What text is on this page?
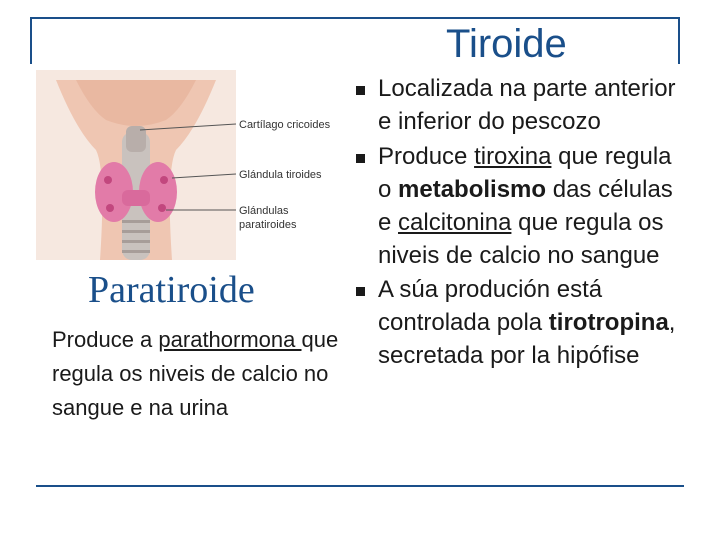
Tiroide
Cartílago cricoides
Glándula tiroides
Glándulas
paratiroides
Paratiroide
Produce a parathormona que regula os niveis de calcio no sangue e na urina
Localizada na parte anterior e inferior do pescozo
Produce tiroxina que regula o metabolismo das células e calcitonina que regula os niveis de calcio no sangue
A súa produción está controlada pola tirotropina, secretada por la hipófise
